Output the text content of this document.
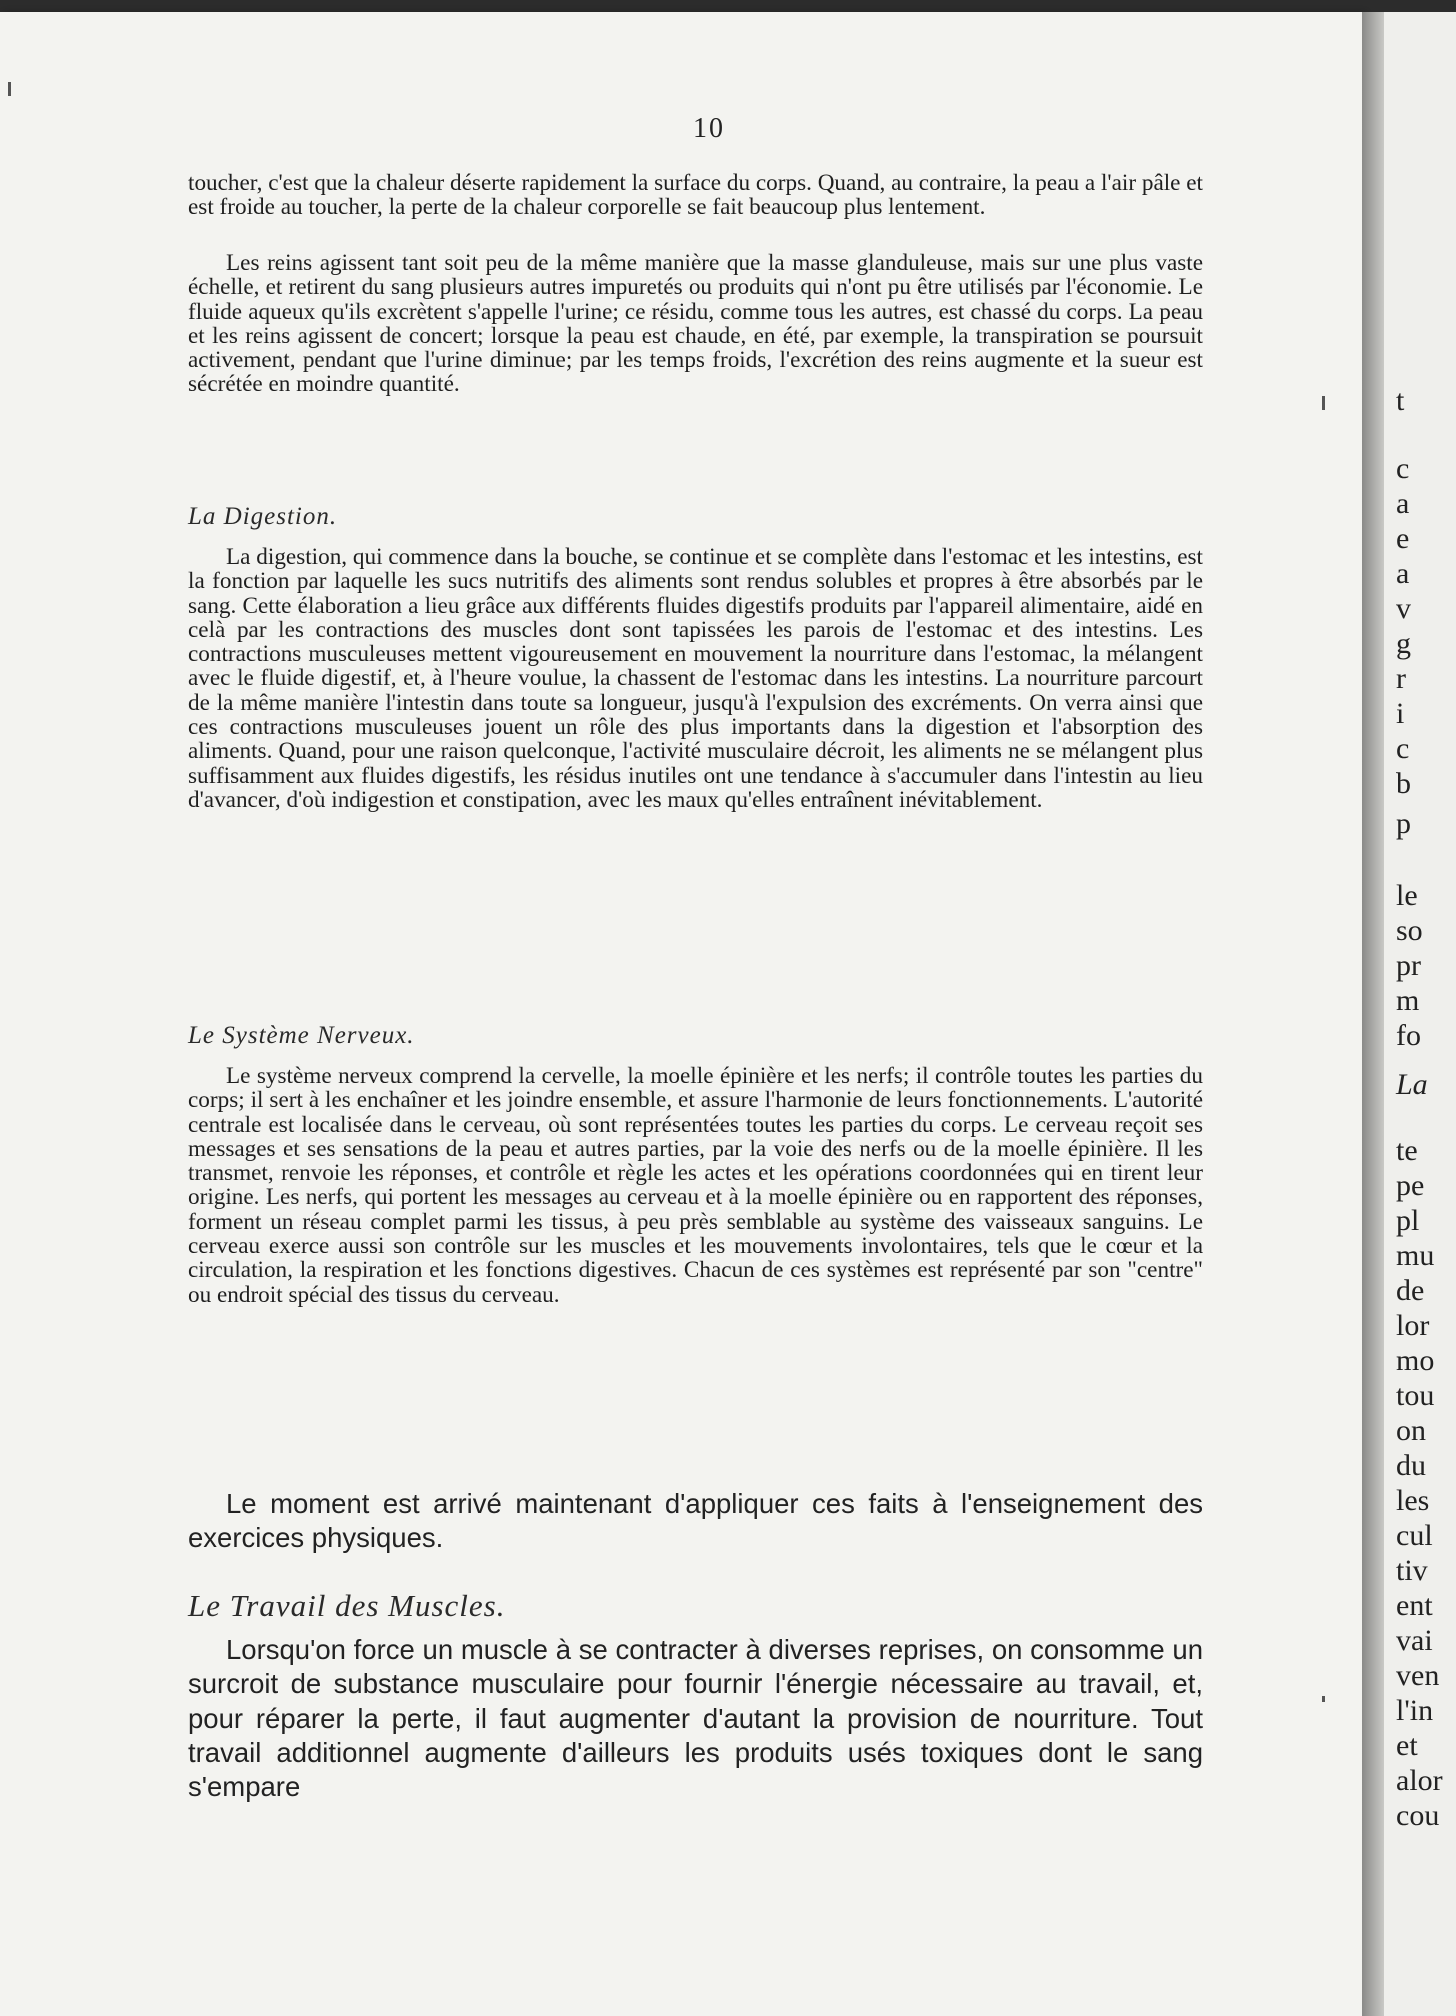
10

toucher, c'est que la chaleur déserte rapidement la surface du corps. Quand, au contraire, la peau a l'air pâle et est froide au toucher, la perte de la chaleur corporelle se fait beaucoup plus lentement.

Les reins agissent tant soit peu de la même manière que la masse glanduleuse, mais sur une plus vaste échelle, et retirent du sang plusieurs autres impuretés ou produits qui n'ont pu être utilisés par l'économie. Le fluide aqueux qu'ils excrètent s'appelle l'urine; ce résidu, comme tous les autres, est chassé du corps. La peau et les reins agissent de concert; lorsque la peau est chaude, en été, par exemple, la transpiration se poursuit activement, pendant que l'urine diminue; par les temps froids, l'excrétion des reins augmente et la sueur est sécrétée en moindre quantité.

La Digestion.

La digestion, qui commence dans la bouche, se continue et se complète dans l'estomac et les intestins, est la fonction par laquelle les sucs nutritifs des aliments sont rendus solubles et propres à être absorbés par le sang. Cette élaboration a lieu grâce aux différents fluides digestifs produits par l'appareil alimentaire, aidé en celà par les contractions des muscles dont sont tapissées les parois de l'estomac et des intestins. Les contractions musculeuses mettent vigoureusement en mouvement la nourriture dans l'estomac, la mélangent avec le fluide digestif, et, à l'heure voulue, la chassent de l'estomac dans les intestins. La nourriture parcourt de la même manière l'intestin dans toute sa longueur, jusqu'à l'expulsion des excréments. On verra ainsi que ces contractions musculeuses jouent un rôle des plus importants dans la digestion et l'absorption des aliments. Quand, pour une raison quelconque, l'activité musculaire décroit, les aliments ne se mélangent plus suffisamment aux fluides digestifs, les résidus inutiles ont une tendance à s'accumuler dans l'intestin au lieu d'avancer, d'où indigestion et constipation, avec les maux qu'elles entraînent inévitablement.

Le Système Nerveux.

Le système nerveux comprend la cervelle, la moelle épinière et les nerfs; il contrôle toutes les parties du corps; il sert à les enchaîner et les joindre ensemble, et assure l'harmonie de leurs fonctionnements. L'autorité centrale est localisée dans le cerveau, où sont représentées toutes les parties du corps. Le cerveau reçoit ses messages et ses sensations de la peau et autres parties, par la voie des nerfs ou de la moelle épinière. Il les transmet, renvoie les réponses, et contrôle et règle les actes et les opérations coordonnées qui en tirent leur origine. Les nerfs, qui portent les messages au cerveau et à la moelle épinière ou en rapportent des réponses, forment un réseau complet parmi les tissus, à peu près semblable au système des vaisseaux sanguins. Le cerveau exerce aussi son contrôle sur les muscles et les mouvements involontaires, tels que le cœur et la circulation, la respiration et les fonctions digestives. Chacun de ces systèmes est représenté par son "centre" ou endroit spécial des tissus du cerveau.

Le moment est arrivé maintenant d'appliquer ces faits à l'enseignement des exercices physiques.

Le Travail des Muscles.

Lorsqu'on force un muscle à se contracter à diverses reprises, on consomme un surcroit de substance musculaire pour fournir l'énergie nécessaire au travail, et, pour réparer la perte, il faut augmenter d'autant la provision de nourriture. Tout travail additionnel augmente d'ailleurs les produits usés toxiques dont le sang s'empare

t
c
a
e
a
v
g
r
i
c
b
p
le
so
pr
m
fo
La
te
pe
pl
mu
de
lor
mo
tou
on
du
les
cul
tiv
ent
vai
ven
l'in
et
alor
cou
